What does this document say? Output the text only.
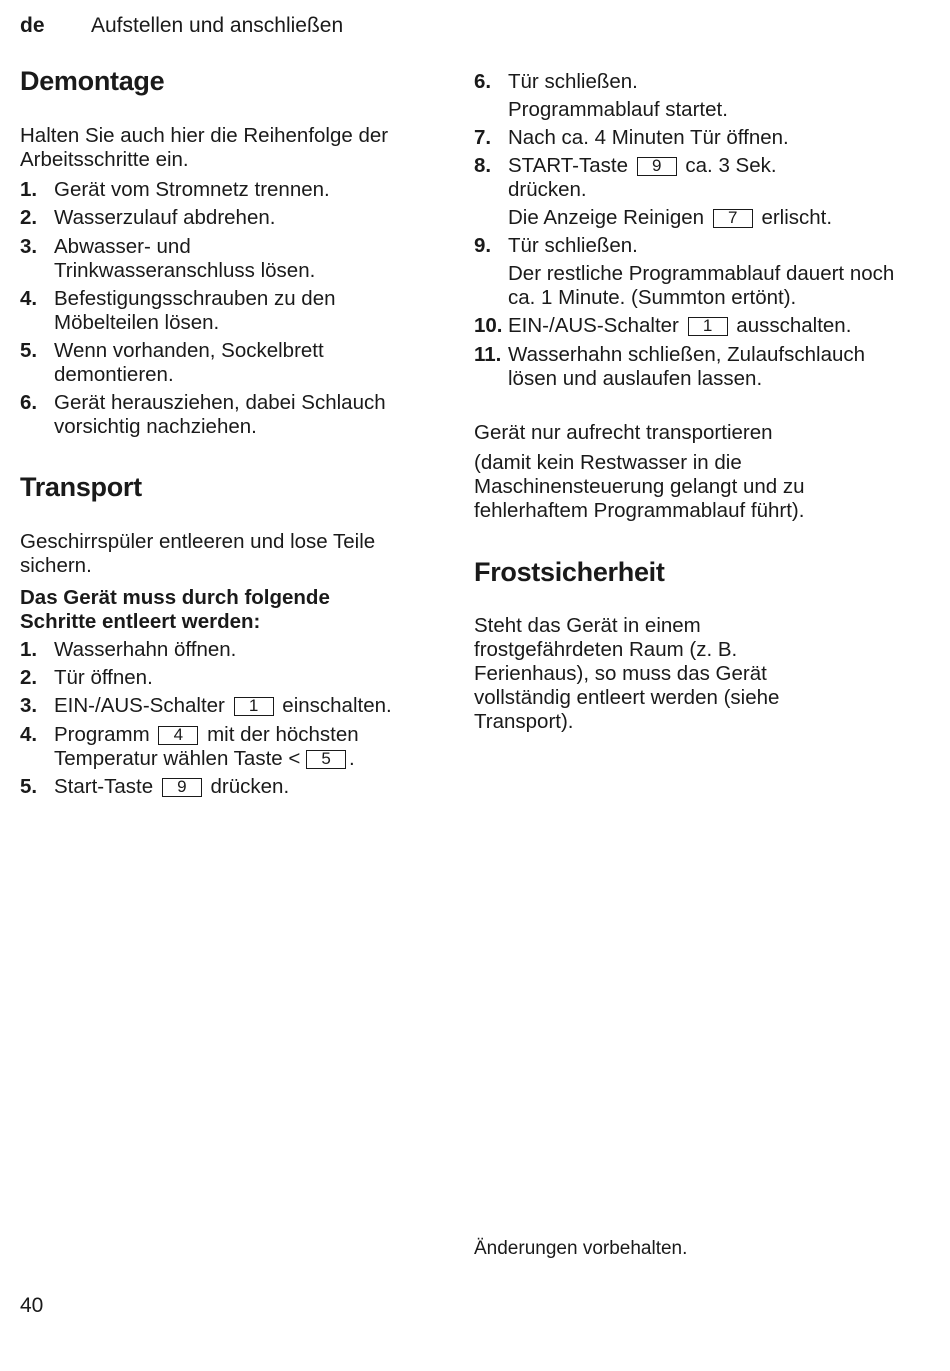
de Aufstellen und anschließen
Demontage
Halten Sie auch hier die Reihenfolge der Arbeitsschritte ein.
1. Gerät vom Stromnetz trennen.
2. Wasserzulauf abdrehen.
3. Abwasser- und Trinkwasseranschluss lösen.
4. Befestigungsschrauben zu den Möbelteilen lösen.
5. Wenn vorhanden, Sockelbrett demontieren.
6. Gerät herausziehen, dabei Schlauch vorsichtig nachziehen.
Transport
Geschirrspüler entleeren und lose Teile sichern.
Das Gerät muss durch folgende Schritte entleert werden:
1. Wasserhahn öffnen.
2. Tür öffnen.
3. EIN-/AUS-Schalter 1 einschalten.
4. Programm 4 mit der höchsten Temperatur wählen Taste < 5 .
5. Start-Taste 9 drücken.
6. Tür schließen.
Programmablauf startet.
7. Nach ca. 4 Minuten Tür öffnen.
8. START-Taste 9 ca. 3 Sek. drücken.
Die Anzeige Reinigen 7 erlischt.
9. Tür schließen.
Der restliche Programmablauf dauert noch ca. 1 Minute. (Summton ertönt).
10. EIN-/AUS-Schalter 1 ausschalten.
11. Wasserhahn schließen, Zulaufschlauch lösen und auslaufen lassen.
Gerät nur aufrecht transportieren
(damit kein Restwasser in die Maschinensteuerung gelangt und zu fehlerhaftem Programmablauf führt).
Frostsicherheit
Steht das Gerät in einem frostgefährdeten Raum (z. B. Ferienhaus), so muss das Gerät vollständig entleert werden (siehe Transport).
Änderungen vorbehalten.
40
